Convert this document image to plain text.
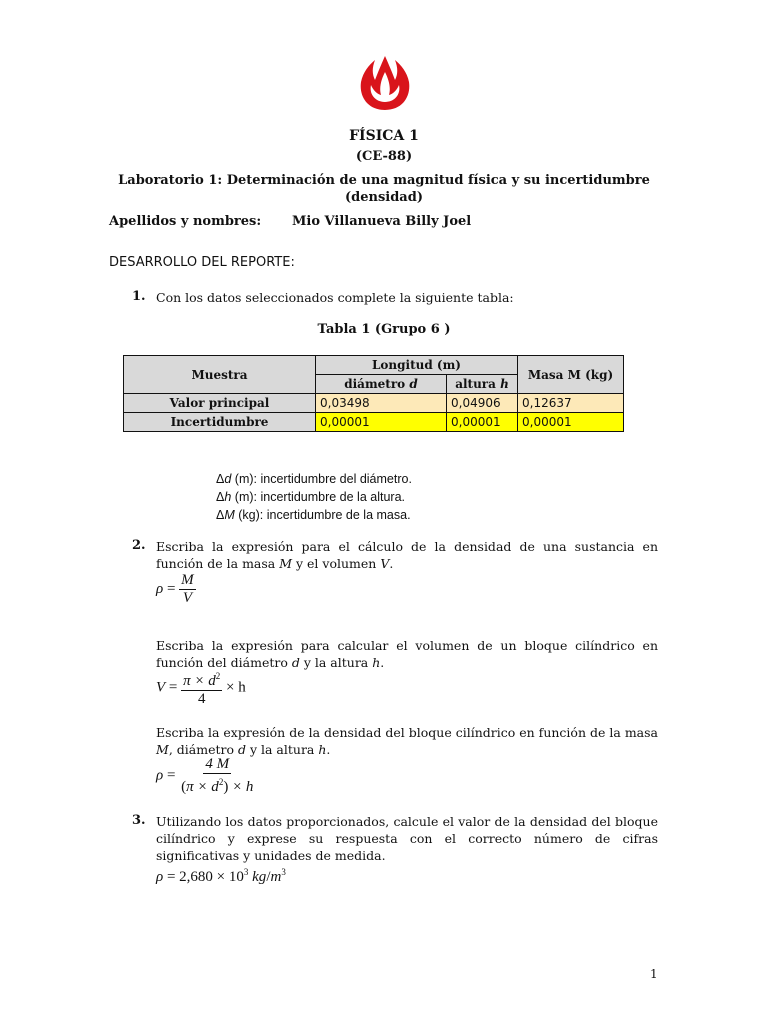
FÍSICA 1
(CE-88)
Laboratorio 1: Determinación de una magnitud física y su incertidumbre
(densidad)
Apellidos y nombres: Mio Villanueva Billy Joel
DESARROLLO DEL REPORTE:
1. Con los datos seleccionados complete la siguiente tabla:
Tabla 1 (Grupo 6 )
Muestra	Longitud (m)		Masa M (kg)
	diámetro d	altura h	
Valor principal	0,03498	0,04906	0,12637
Incertidumbre	0,00001	0,00001	0,00001
Δd (m): incertidumbre del diámetro.
Δh (m): incertidumbre de la altura.
ΔM (kg): incertidumbre de la masa.
2. Escriba la expresión para el cálculo de la densidad de una sustancia en función de la masa M y el volumen V.
$\rho = \frac{M}{V}$
Escriba la expresión para calcular el volumen de un bloque cilíndrico en función del diámetro d y la altura h.
$V = \frac{\pi \times d^2}{4} \times h$
Escriba la expresión de la densidad del bloque cilíndrico en función de la masa M, diámetro d y la altura h.
$\rho = \frac{4 M}{(\pi \times d^2) \times h}$
3. Utilizando los datos proporcionados, calcule el valor de la densidad del bloque cilíndrico y exprese su respuesta con el correcto número de cifras significativas y unidades de medida.
$\rho = 2,680 \times 10^3$ $kg/m^3$
1
